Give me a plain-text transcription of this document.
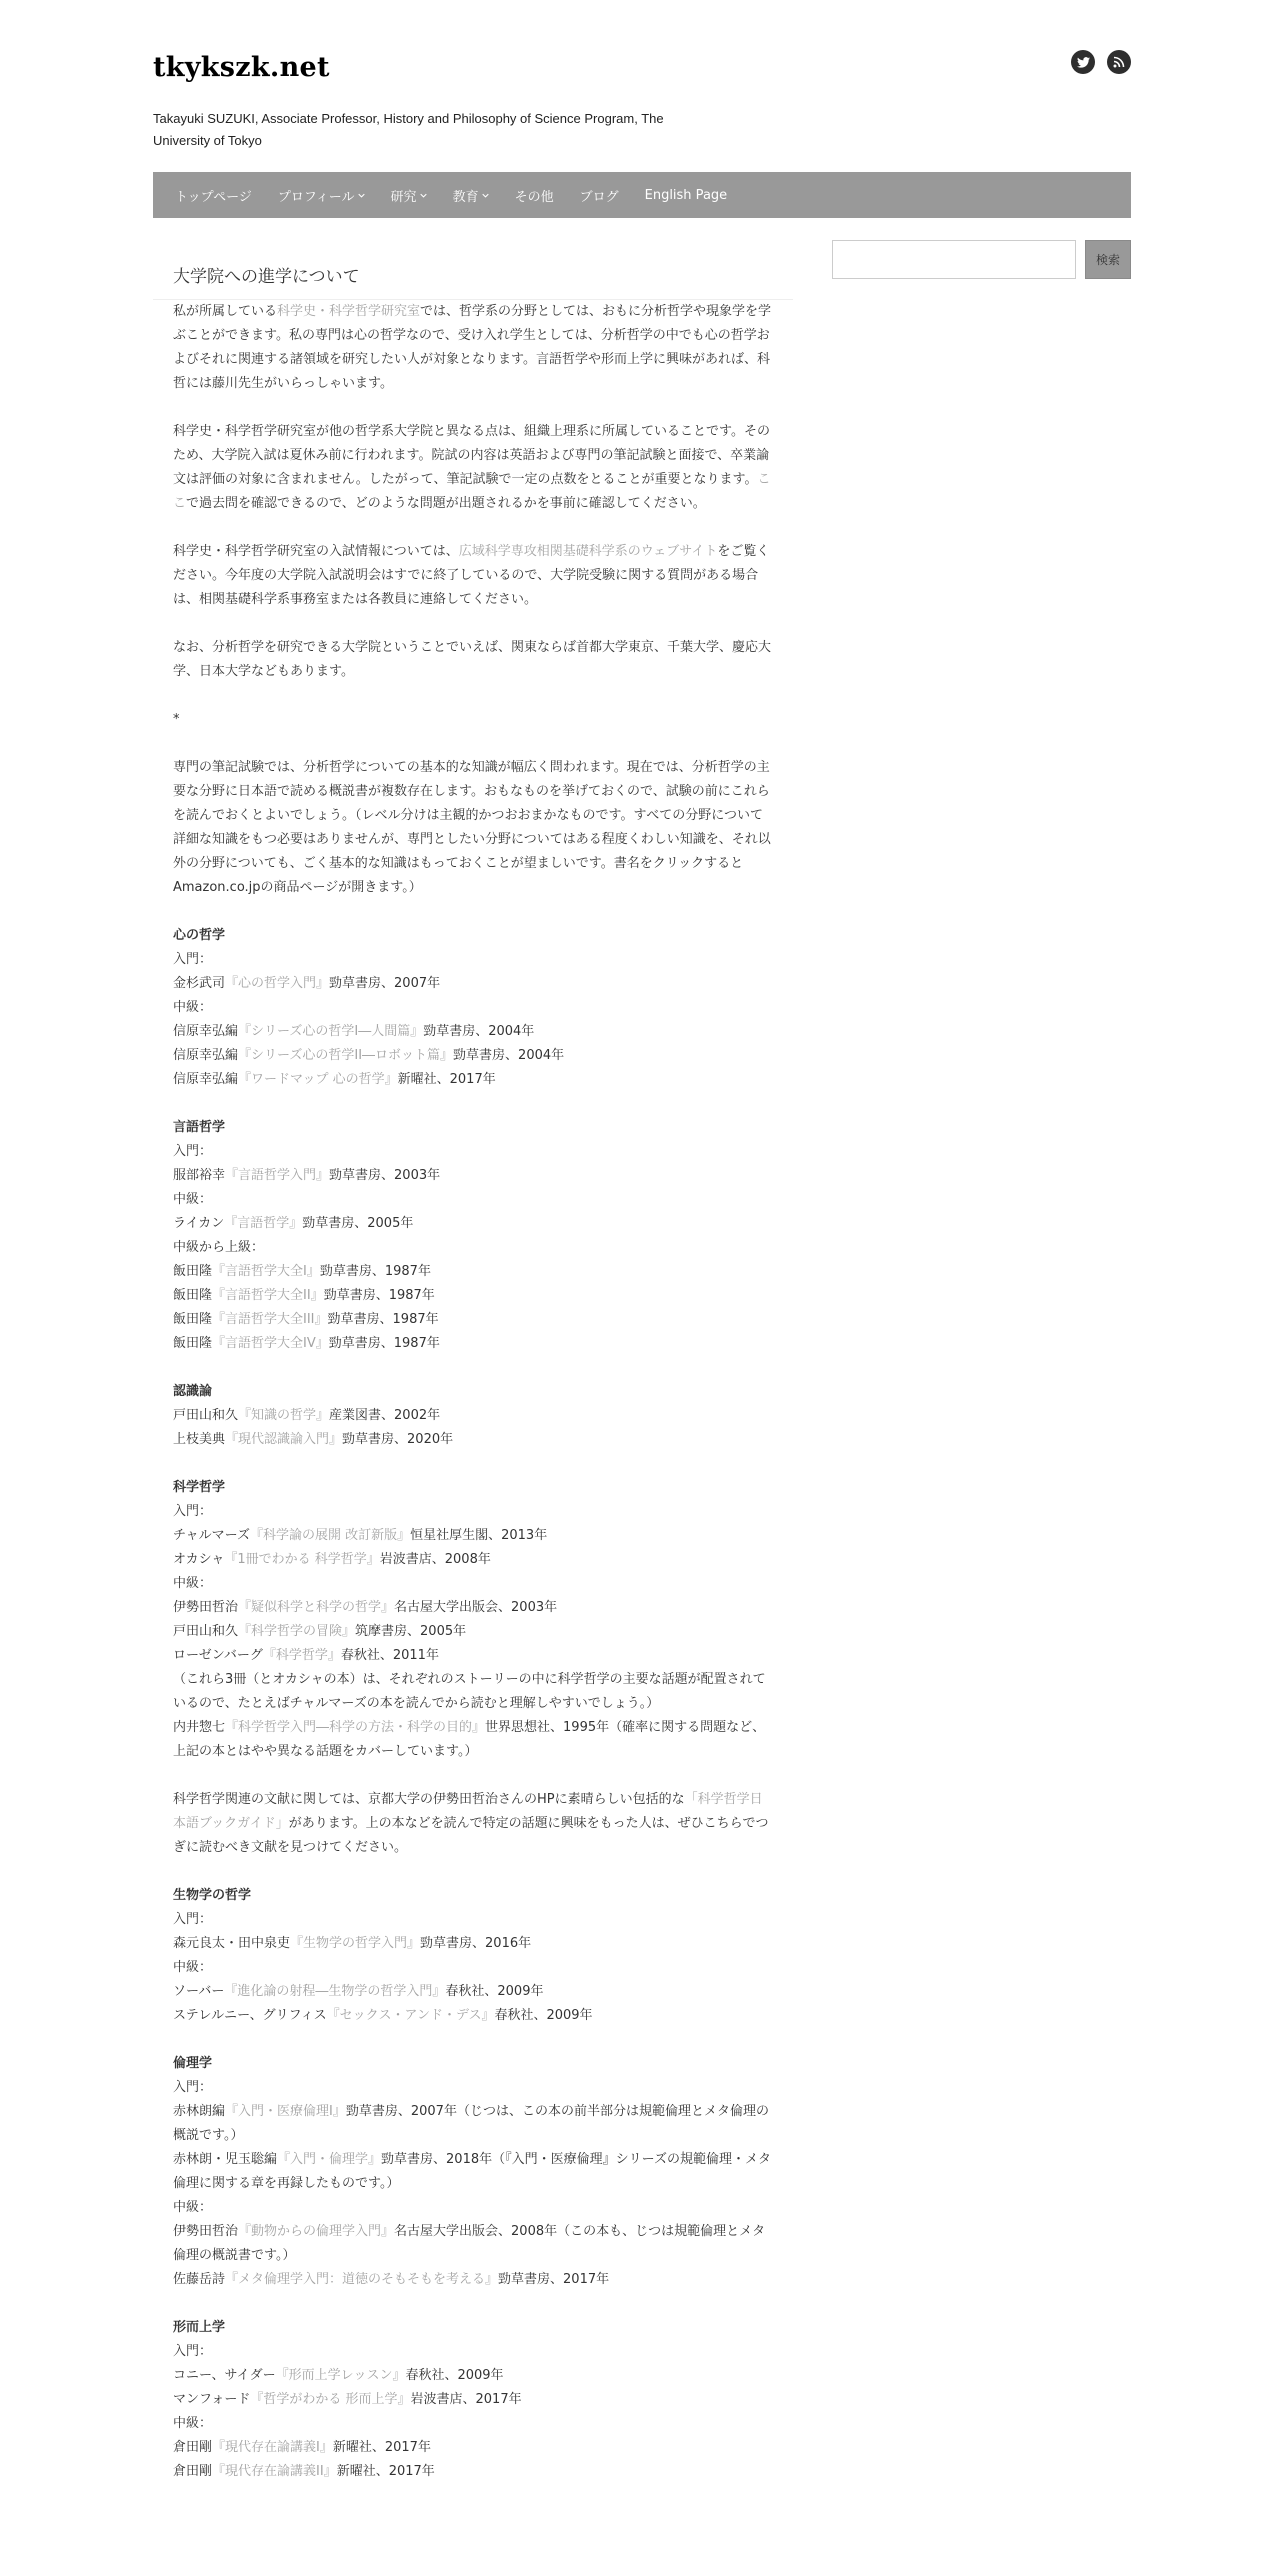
tkykszk.net
Takayuki SUZUKI, Associate Professor, History and Philosophy of Science Program, The University of Tokyo
トップページ プロフィール	研究	教育	その他 ブログ English Page
大学院への進学について

私が所属している科学史・科学哲学研究室では、哲学系の分野としては、おもに分析哲学や現象学を学ぶことができます。私の専門は心の哲学なので、受け入れ学生としては、分析哲学の中でも心の哲学およびそれに関連する諸領域を研究したい人が対象となります。言語哲学や形而上学に興味があれば、科哲には藤川先生がいらっしゃいます。

科学史・科学哲学研究室が他の哲学系大学院と異なる点は、組織上理系に所属していることです。そのため、大学院入試は夏休み前に行われます。院試の内容は英語および専門の筆記試験と面接で、卒業論文は評価の対象に含まれません。したがって、筆記試験で一定の点数をとることが重要となります。ここで過去問を確認できるので、どのような問題が出題されるかを事前に確認してください。

科学史・科学哲学研究室の入試情報については、広域科学専攻相関基礎科学系のウェブサイトをご覧ください。今年度の大学院入試説明会はすでに終了しているので、大学院受験に関する質問がある場合は、相関基礎科学系事務室または各教員に連絡してください。

なお、分析哲学を研究できる大学院ということでいえば、関東ならば首都大学東京、千葉大学、慶応大学、日本大学などもあります。

*

専門の筆記試験では、分析哲学についての基本的な知識が幅広く問われます。現在では、分析哲学の主要な分野に日本語で読める概説書が複数存在します。おもなものを挙げておくので、試験の前にこれらを読んでおくとよいでしょう。（レベル分けは主観的かつおおまかなものです。すべての分野について詳細な知識をもつ必要はありませんが、専門としたい分野についてはある程度くわしい知識を、それ以外の分野についても、ごく基本的な知識はもっておくことが望ましいです。書名をクリックするとAmazon.co.jpの商品ページが開きます。）

心の哲学
入門：
金杉武司『心の哲学入門』勁草書房、2007年
中級：
信原幸弘編『シリーズ心の哲学I―人間篇』勁草書房、2004年
信原幸弘編『シリーズ心の哲学II―ロボット篇』勁草書房、2004年
信原幸弘編『ワードマップ 心の哲学』新曜社、2017年
言語哲学
入門：
服部裕幸『言語哲学入門』勁草書房、2003年
中級：
ライカン『言語哲学』勁草書房、2005年
中級から上級：
飯田隆『言語哲学大全I』勁草書房、1987年
飯田隆『言語哲学大全II』勁草書房、1987年
飯田隆『言語哲学大全III』勁草書房、1987年
飯田隆『言語哲学大全IV』勁草書房、1987年
認識論
戸田山和久『知識の哲学』産業図書、2002年
上枝美典『現代認識論入門』勁草書房、2020年
科学哲学
入門：
チャルマーズ『科学論の展開 改訂新版』恒星社厚生閣、2013年
オカシャ『1冊でわかる 科学哲学』岩波書店、2008年
中級：
伊勢田哲治『疑似科学と科学の哲学』名古屋大学出版会、2003年
戸田山和久『科学哲学の冒険』筑摩書房、2005年
ローゼンバーグ『科学哲学』春秋社、2011年
（これら3冊（とオカシャの本）は、それぞれのストーリーの中に科学哲学の主要な話題が配置されているので、たとえばチャルマーズの本を読んでから読むと理解しやすいでしょう。）
内井惣七『科学哲学入門―科学の方法・科学の目的』世界思想社、1995年（確率に関する問題など、上記の本とはやや異なる話題をカバーしています。）
科学哲学関連の文献に関しては、京都大学の伊勢田哲治さんのHPに素晴らしい包括的な「科学哲学日本語ブックガイド」があります。上の本などを読んで特定の話題に興味をもった人は、ぜひこちらでつぎに読むべき文献を見つけてください。
生物学の哲学
入門：
森元良太・田中泉吏『生物学の哲学入門』勁草書房、2016年
中級：
ソーバー『進化論の射程―生物学の哲学入門』春秋社、2009年
ステレルニー、グリフィス『セックス・アンド・デス』春秋社、2009年
倫理学
入門：
赤林朗編『入門・医療倫理I』勁草書房、2007年（じつは、この本の前半部分は規範倫理とメタ倫理の概説です。）
赤林朗・児玉聡編『入門・倫理学』勁草書房、2018年（『入門・医療倫理』シリーズの規範倫理・メタ倫理に関する章を再録したものです。）
中級：
伊勢田哲治『動物からの倫理学入門』名古屋大学出版会、2008年（この本も、じつは規範倫理とメタ倫理の概説書です。）
佐藤岳詩『メタ倫理学入門：道徳のそもそもを考える』勁草書房、2017年
形而上学
入門：
コニー、サイダー『形而上学レッスン』春秋社、2009年
マンフォード『哲学がわかる 形而上学』岩波書店、2017年
中級：
倉田剛『現代存在論講義I』新曜社、2017年
倉田剛『現代存在論講義II』新曜社、2017年
検索
